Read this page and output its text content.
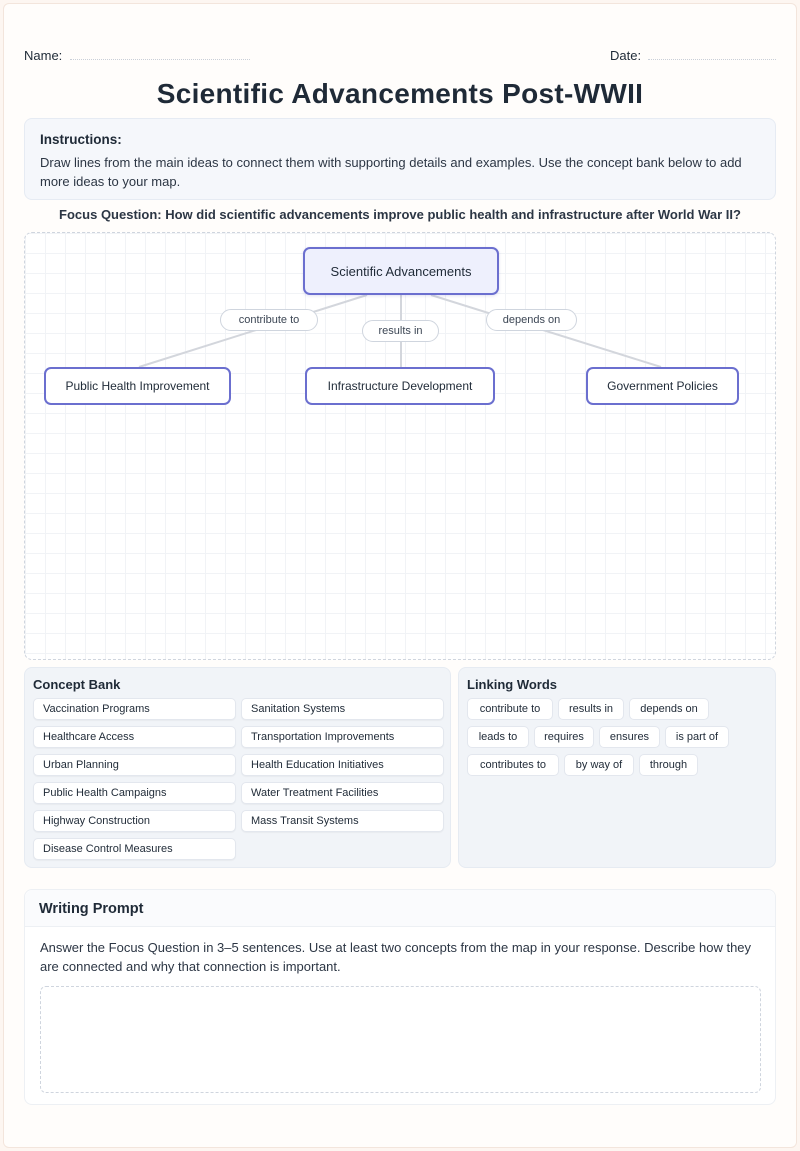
Name:	Date:
Scientific Advancements Post-WWII
Instructions:
Draw lines from the main ideas to connect them with supporting details and examples. Use the concept bank below to add more ideas to your map.
Focus Question: How did scientific advancements improve public health and infrastructure after World War II?
Scientific Advancements
contribute to
results in
depends on
Public Health Improvement	Infrastructure Development	Government Policies
Concept Bank
Vaccination Programs	Sanitation Systems
Healthcare Access	Transportation Improvements
Urban Planning	Health Education Initiatives
Public Health Campaigns	Water Treatment Facilities
Highway Construction	Mass Transit Systems
Disease Control Measures
Linking Words
contribute to	results in	depends on
leads to	requires	ensures	is part of
contributes to	by way of	through
Writing Prompt
Answer the Focus Question in 3–5 sentences. Use at least two concepts from the map in your response. Describe how they are connected and why that connection is important.
